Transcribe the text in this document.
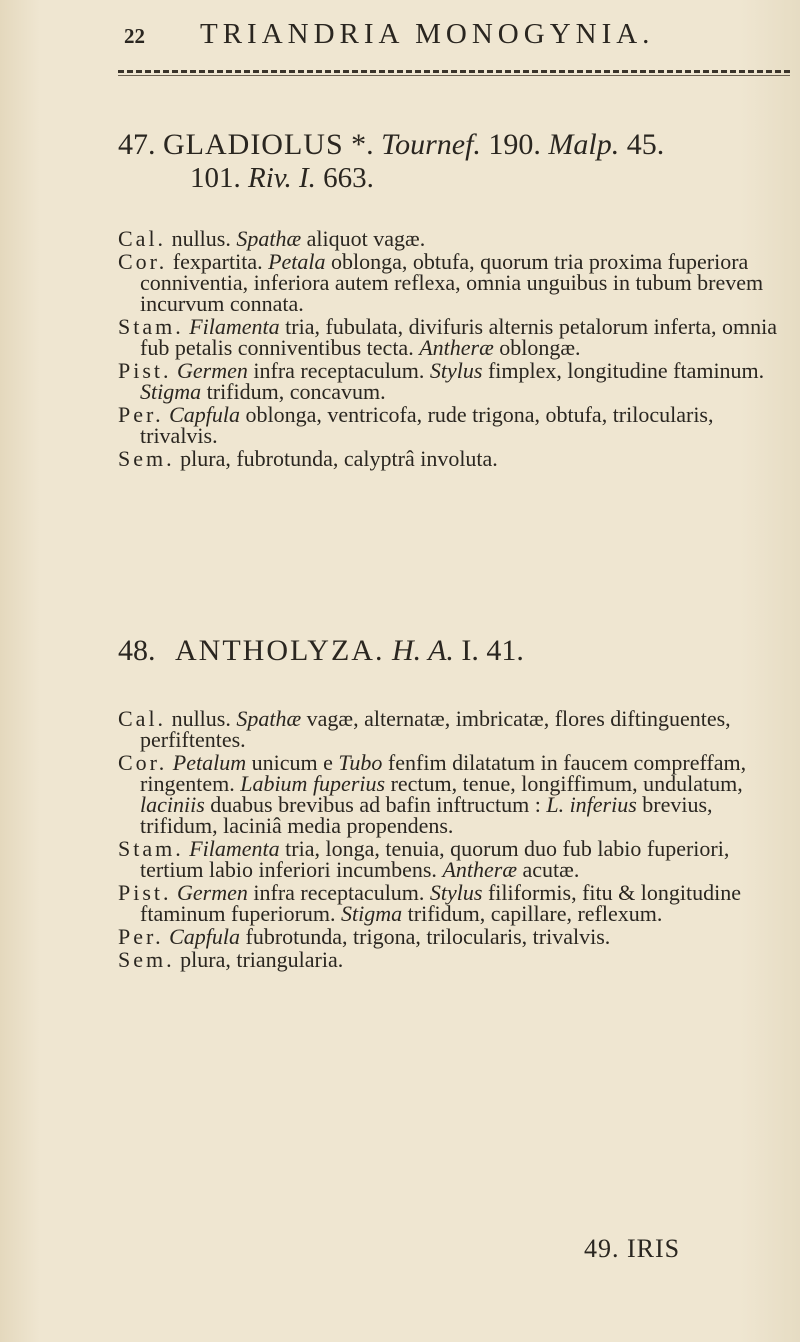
22 TRIANDRIA MONOGYNIA.
47. GLADIOLUS *. Tournef. 190. Malp. 45.
101. Riv. I. 663.

Cal. nullus. Spathæ aliquot vagæ.

Cor. fexpartita. Petala oblonga, obtufa, quorum tria proxima fuperiora conniventia, inferiora autem reflexa, omnia unguibus in tubum brevem incurvum connata.

Stam. Filamenta tria, fubulata, divifuris alternis petalorum inferta, omnia fub petalis conniventibus tecta. Antheræ oblongæ.

Pist. Germen infra receptaculum. Stylus fimplex, longitudine ftaminum. Stigma trifidum, concavum.

Per. Capfula oblonga, ventricofa, rude trigona, obtufa, trilocularis, trivalvis.

Sem. plura, fubrotunda, calyptrâ involuta.

48. ANTHOLYZA. H. A. I. 41.

Cal. nullus. Spathæ vagæ, alternatæ, imbricatæ, flores diftinguentes, perfiftentes.

Cor. Petalum unicum e Tubo fenfim dilatatum in faucem compreffam, ringentem. Labium fuperius rectum, tenue, longiffimum, undulatum, laciniis duabus brevibus ad bafin inftructum : L. inferius brevius, trifidum, laciniâ media propendens.

Stam. Filamenta tria, longa, tenuia, quorum duo fub labio fuperiori, tertium labio inferiori incumbens. Antheræ acutæ.

Pist. Germen infra receptaculum. Stylus filiformis, fitu & longitudine ftaminum fuperiorum. Stigma trifidum, capillare, reflexum.

Per. Capfula fubrotunda, trigona, trilocularis, trivalvis.

Sem. plura, triangularia.

49. IRIS
